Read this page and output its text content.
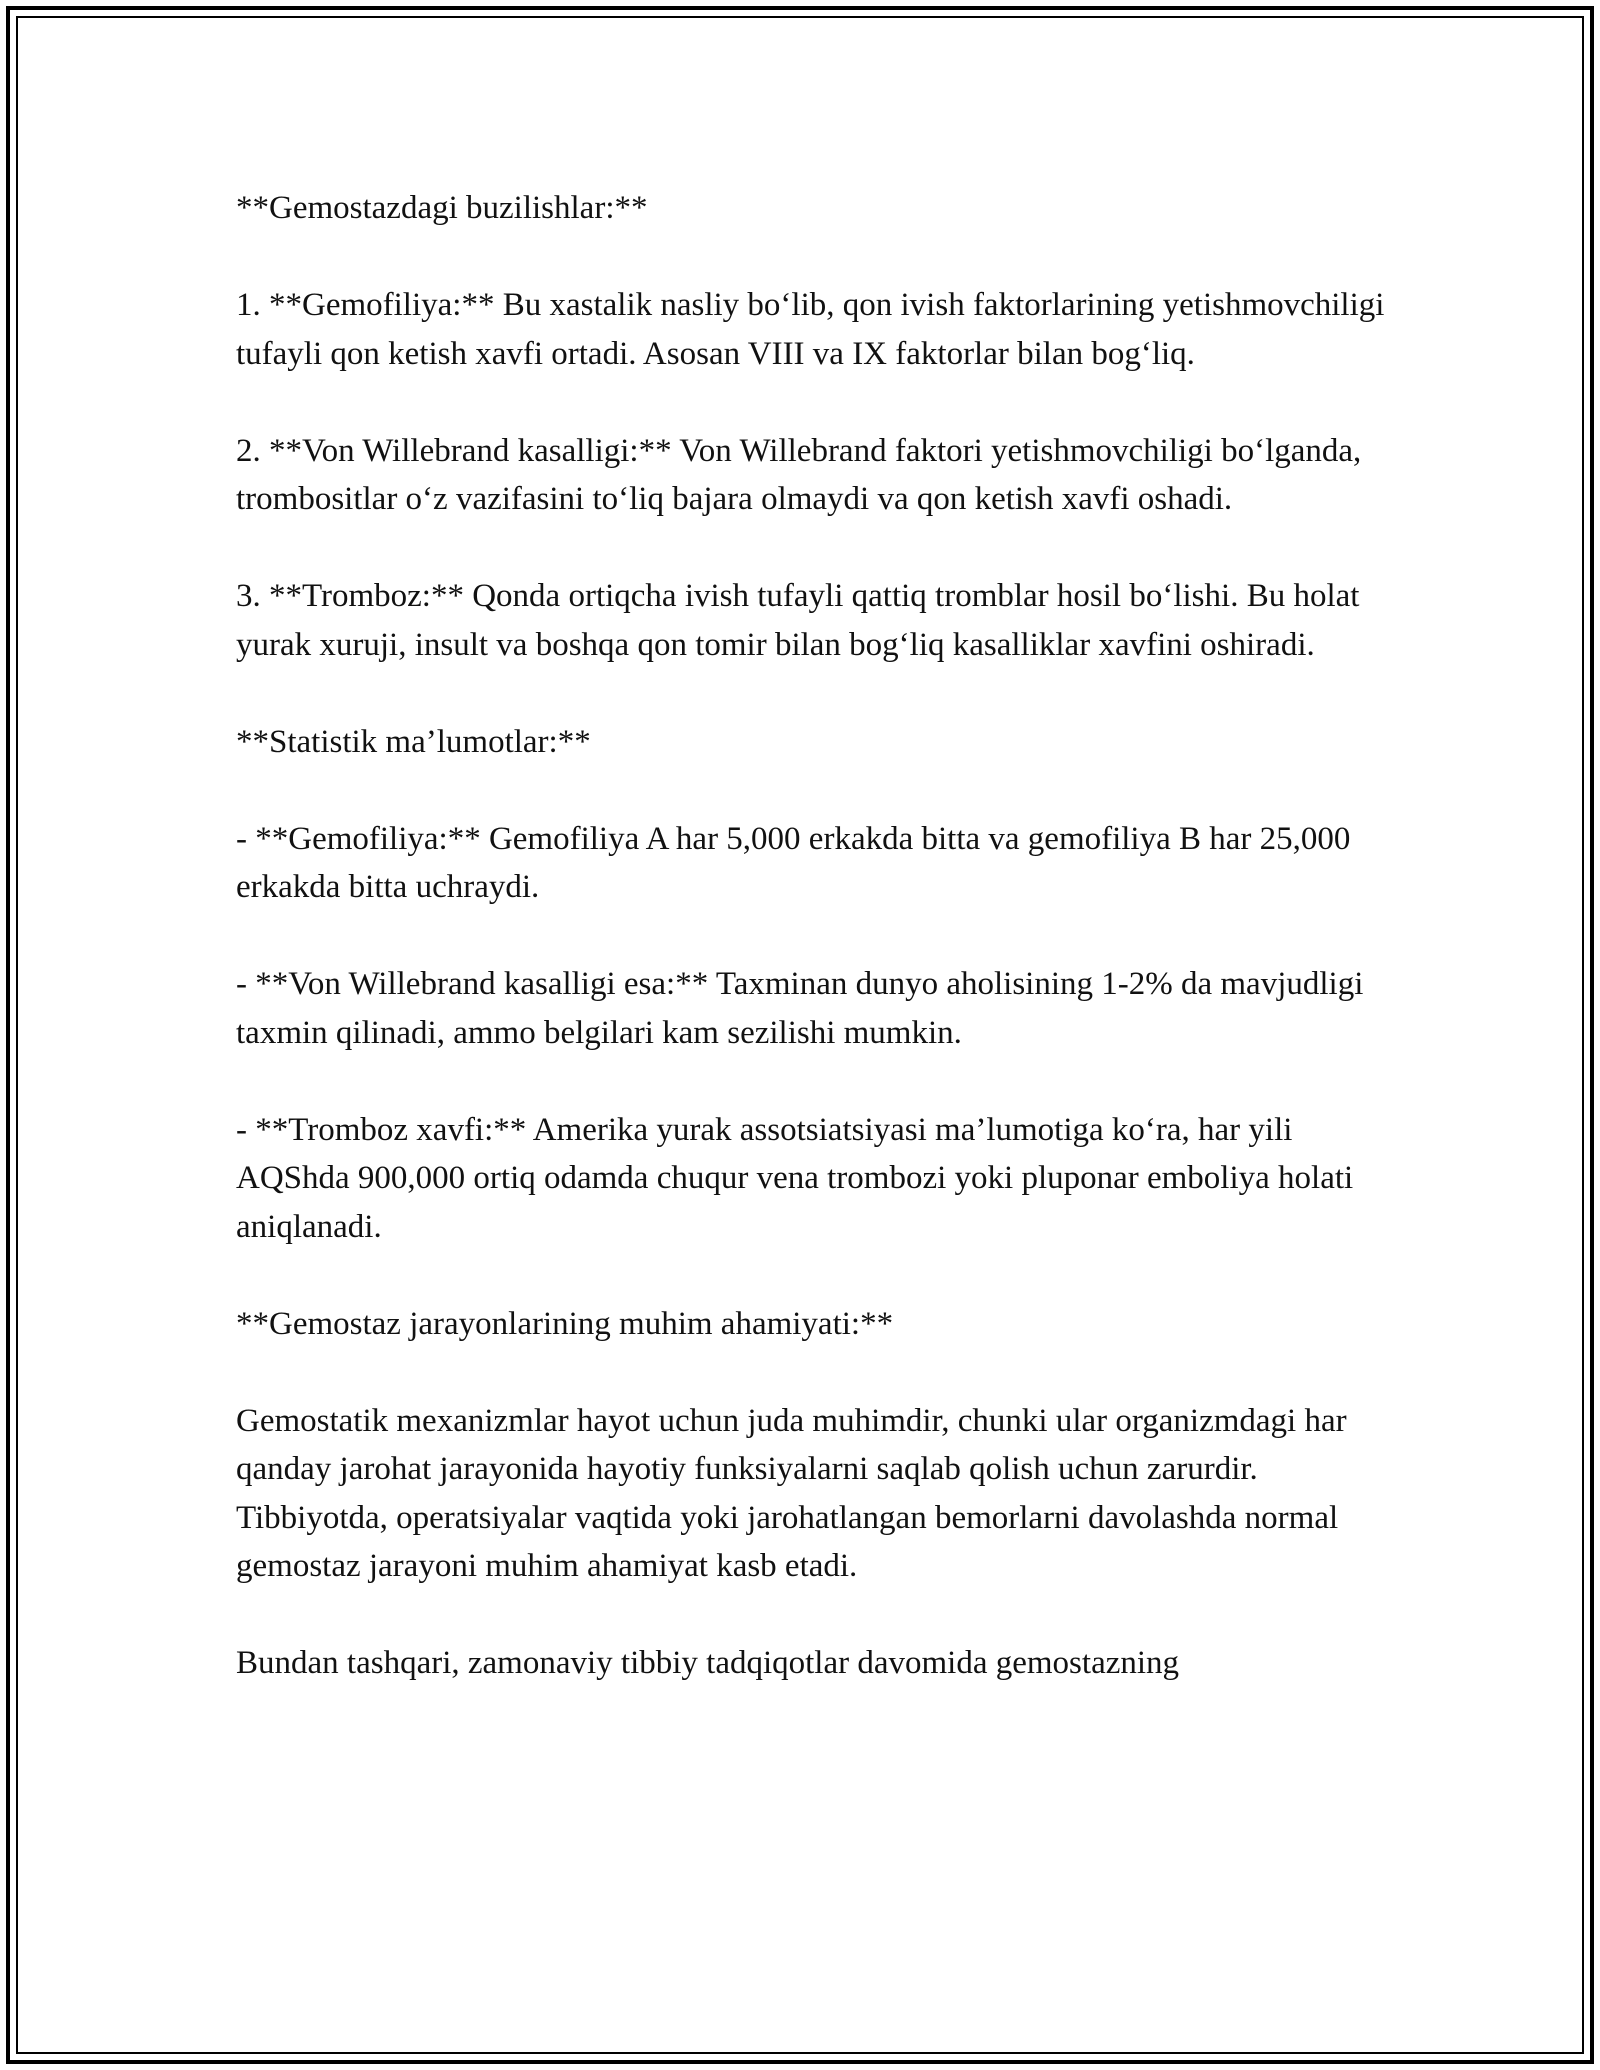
**Gemostazdagi buzilishlar:**

1. **Gemofiliya:** Bu xastalik nasliy bo‘lib, qon ivish faktorlarining yetishmovchiligi tufayli qon ketish xavfi ortadi. Asosan VIII va IX faktorlar bilan bog‘liq.

2. **Von Willebrand kasalligi:** Von Willebrand faktori yetishmovchiligi bo‘lganda, trombositlar o‘z vazifasini to‘liq bajara olmaydi va qon ketish xavfi oshadi.

3. **Tromboz:** Qonda ortiqcha ivish tufayli qattiq tromblar hosil bo‘lishi. Bu holat yurak xuruji, insult va boshqa qon tomir bilan bog‘liq kasalliklar xavfini oshiradi.

**Statistik ma’lumotlar:**

- **Gemofiliya:** Gemofiliya A har 5,000 erkakda bitta va gemofiliya B har 25,000 erkakda bitta uchraydi.

- **Von Willebrand kasalligi esa:** Taxminan dunyo aholisining 1-2% da mavjudligi taxmin qilinadi, ammo belgilari kam sezilishi mumkin.

- **Tromboz xavfi:** Amerika yurak assotsiatsiyasi ma’lumotiga ko‘ra, har yili AQShda 900,000 ortiq odamda chuqur vena trombozi yoki pluponar emboliya holati aniqlanadi.

**Gemostaz jarayonlarining muhim ahamiyati:**

Gemostatik mexanizmlar hayot uchun juda muhimdir, chunki ular organizmdagi har qanday jarohat jarayonida hayotiy funksiyalarni saqlab qolish uchun zarurdir. Tibbiyotda, operatsiyalar vaqtida yoki jarohatlangan bemorlarni davolashda normal gemostaz jarayoni muhim ahamiyat kasb etadi.

Bundan tashqari, zamonaviy tibbiy tadqiqotlar davomida gemostazning
